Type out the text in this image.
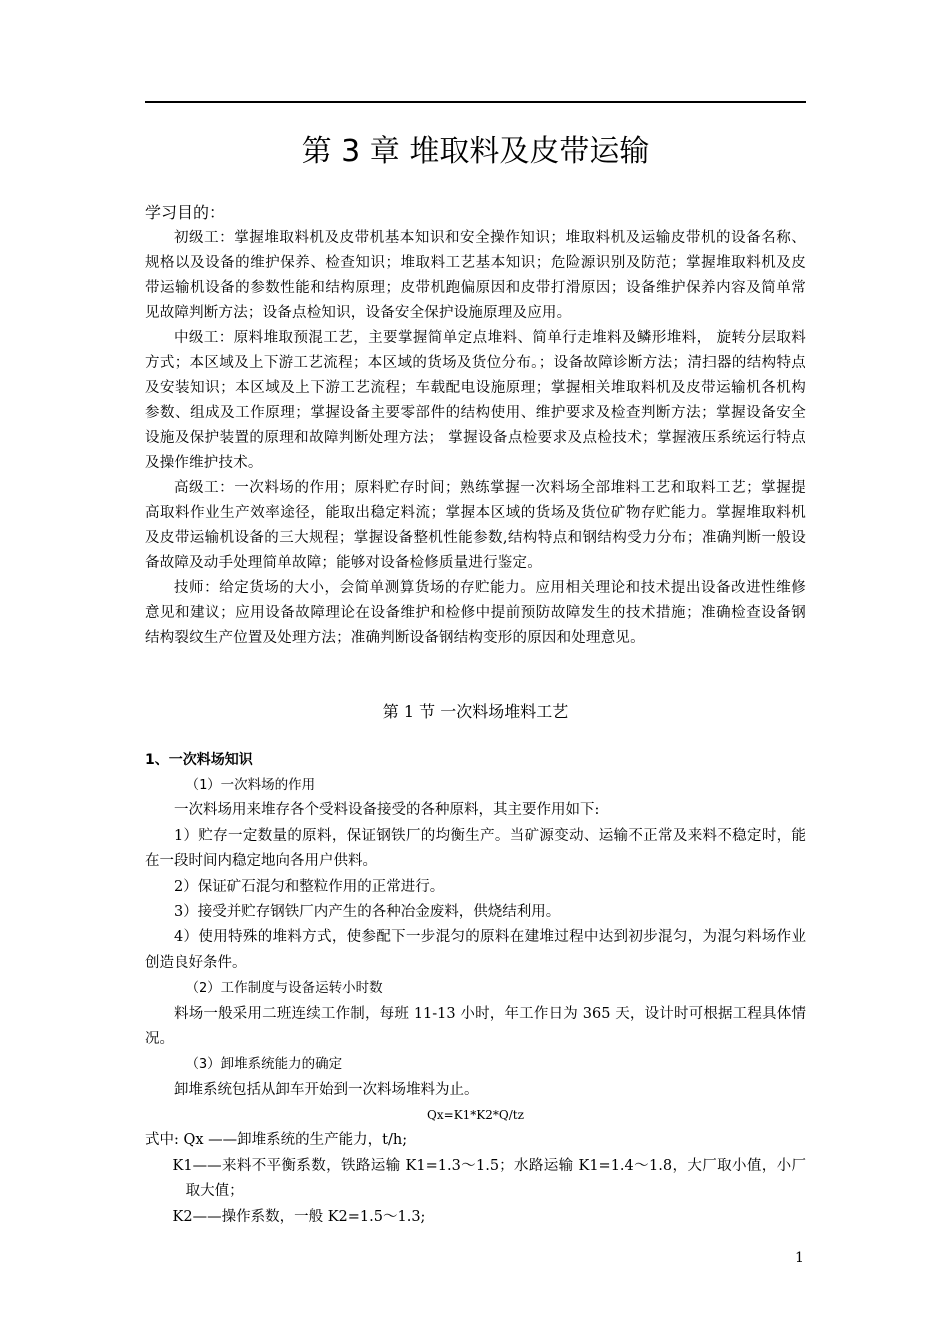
第 3 章 堆取料及皮带运输
学习目的：

初级工：掌握堆取料机及皮带机基本知识和安全操作知识；堆取料机及运输皮带机的设备名称、规格以及设备的维护保养、检查知识；堆取料工艺基本知识；危险源识别及防范；掌握堆取料机及皮带运输机设备的参数性能和结构原理；皮带机跑偏原因和皮带打滑原因；设备维护保养内容及简单常见故障判断方法；设备点检知识，设备安全保护设施原理及应用。

中级工：原料堆取预混工艺，主要掌握简单定点堆料、简单行走堆料及鳞形堆料， 旋转分层取料方式；本区域及上下游工艺流程；本区域的货场及货位分布。；设备故障诊断方法；清扫器的结构特点及安装知识；本区域及上下游工艺流程；车载配电设施原理；掌握相关堆取料机及皮带运输机各机构参数、组成及工作原理；掌握设备主要零部件的结构使用、维护要求及检查判断方法；掌握设备安全设施及保护装置的原理和故障判断处理方法； 掌握设备点检要求及点检技术；掌握液压系统运行特点及操作维护技术。

高级工：一次料场的作用；原料贮存时间；熟练掌握一次料场全部堆料工艺和取料工艺；掌握提高取料作业生产效率途径，能取出稳定料流；掌握本区域的货场及货位矿物存贮能力。掌握堆取料机及皮带运输机设备的三大规程；掌握设备整机性能参数,结构特点和钢结构受力分布；准确判断一般设备故障及动手处理简单故障；能够对设备检修质量进行鉴定。

技师：给定货场的大小，会简单测算货场的存贮能力。应用相关理论和技术提出设备改进性维修意见和建议；应用设备故障理论在设备维护和检修中提前预防故障发生的技术措施；准确检查设备钢结构裂纹生产位置及处理方法；准确判断设备钢结构变形的原因和处理意见。

第 1 节 一次料场堆料工艺
1、一次料场知识

（1）一次料场的作用

一次料场用来堆存各个受料设备接受的各种原料，其主要作用如下:

1）贮存一定数量的原料，保证钢铁厂的均衡生产。当矿源变动、运输不正常及来料不稳定时，能在一段时间内稳定地向各用户供料。

2）保证矿石混匀和整粒作用的正常进行。

3）接受并贮存钢铁厂内产生的各种冶金废料，供烧结利用。

4）使用特殊的堆料方式，使参配下一步混匀的原料在建堆过程中达到初步混匀，为混匀料场作业创造良好条件。

（2）工作制度与设备运转小时数

料场一般采用二班连续工作制，每班 11-13 小时，年工作日为 365 天，设计时可根据工程具体情况。

（3）卸堆系统能力的确定

卸堆系统包括从卸车开始到一次料场堆料为止。

Qx=K1*K2*Q/tz

式中: Qx ——卸堆系统的生产能力，t/h;

K1——来料不平衡系数，铁路运输 K1=1.3～1.5；水路运输 K1=1.4～1.8，大厂取小值，小厂取大值；

K2——操作系数，一般 K2=1.5～1.3;

1
